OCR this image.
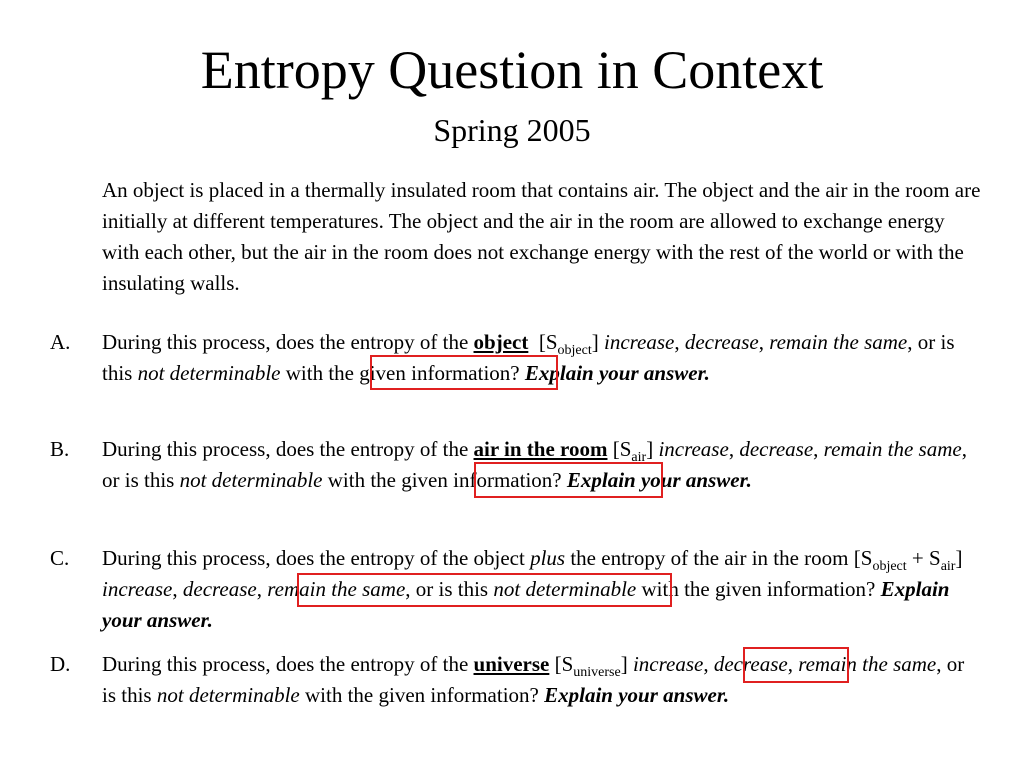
Entropy Question in Context
Spring 2005
An object is placed in a thermally insulated room that contains air. The object and the air in the room are initially at different temperatures. The object and the air in the room are allowed to exchange energy with each other, but the air in the room does not exchange energy with the rest of the world or with the insulating walls.
A. During this process, does the entropy of the object  $[S_{object}]$ increase, decrease, remain the same, or is this not determinable with the given information? Explain your answer.
B. During this process, does the entropy of the air in the room $[S_{air}]$ increase, decrease, remain the same, or is this not determinable with the given information? Explain your answer.
C. During this process, does the entropy of the object plus the entropy of the air in the room $[S_{object} + S_{air}]$ increase, decrease, remain the same, or is this not determinable with the given information? Explain your answer.
D. During this process, does the entropy of the universe $[S_{universe}]$ increase, decrease, remain the same, or is this not determinable with the given information? Explain your answer.
